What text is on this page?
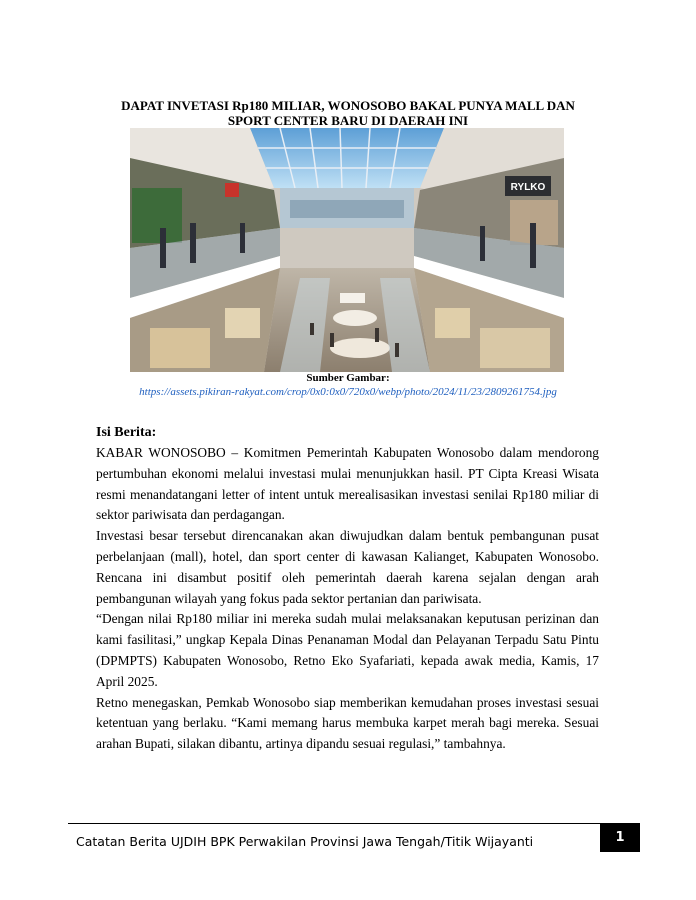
DAPAT INVETASI Rp180 MILIAR, WONOSOBO BAKAL PUNYA MALL DAN
SPORT CENTER BARU DI DAERAH INI
RYLKO
Sumber Gambar:
https://assets.pikiran-rakyat.com/crop/0x0:0x0/720x0/webp/photo/2024/11/23/2809261754.jpg
Isi Berita:

KABAR WONOSOBO – Komitmen Pemerintah Kabupaten Wonosobo dalam mendorong pertumbuhan ekonomi melalui investasi mulai menunjukkan hasil. PT Cipta Kreasi Wisata resmi menandatangani letter of intent untuk merealisasikan investasi senilai Rp180 miliar di sektor pariwisata dan perdagangan.

Investasi besar tersebut direncanakan akan diwujudkan dalam bentuk pembangunan pusat perbelanjaan (mall), hotel, dan sport center di kawasan Kalianget, Kabupaten Wonosobo. Rencana ini disambut positif oleh pemerintah daerah karena sejalan dengan arah pembangunan wilayah yang fokus pada sektor pertanian dan pariwisata.

“Dengan nilai Rp180 miliar ini mereka sudah mulai melaksanakan keputusan perizinan dan kami fasilitasi,” ungkap Kepala Dinas Penanaman Modal dan Pelayanan Terpadu Satu Pintu (DPMPTS) Kabupaten Wonosobo, Retno Eko Syafariati, kepada awak media, Kamis, 17 April 2025.

Retno menegaskan, Pemkab Wonosobo siap memberikan kemudahan proses investasi sesuai ketentuan yang berlaku. “Kami memang harus membuka karpet merah bagi mereka. Sesuai arahan Bupati, silakan dibantu, artinya dipandu sesuai regulasi,” tambahnya.

Catatan Berita UJDIH BPK Perwakilan Provinsi Jawa Tengah/Titik Wijayanti	1
